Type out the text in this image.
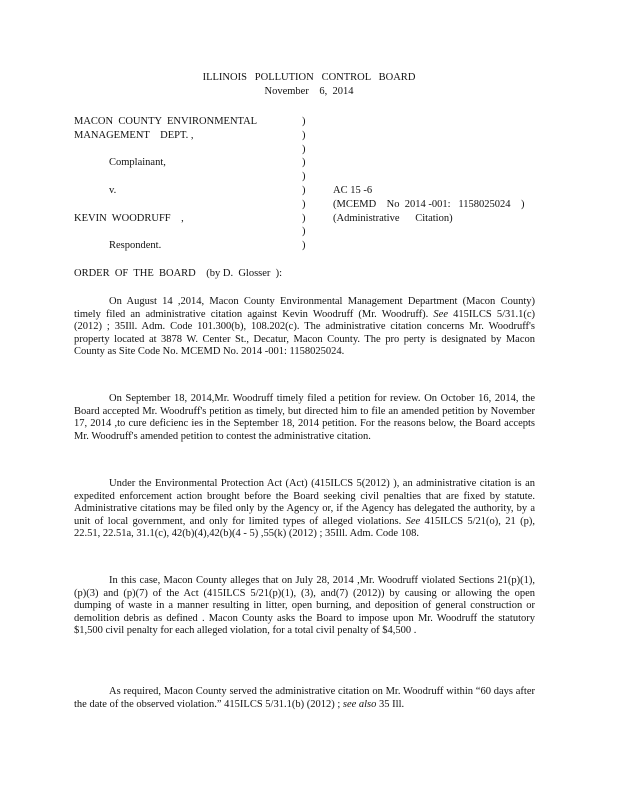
ILLINOIS   POLLUTION   CONTROL   BOARD
November    6,  2014
MACON  COUNTY  ENVIRONMENTAL
MANAGEMENT    DEPT. ,
Complainant,
v.
KEVIN  WOODRUFF    ,
Respondent.
)
)
)
)
)
)
)
)
)
)
AC 15 -6
(MCEMD    No  2014 -001:   1158025024    )
(Administrative      Citation)
ORDER  OF  THE  BOARD    (by D.  Glosser  ):

On August 14 ,2014, Macon County Environmental Management Department (Macon County) timely filed an administrative citation against Kevin Woodruff (Mr. Woodruff). See 415ILCS 5/31.1(c) (2012) ; 35Ill. Adm. Code 101.300(b), 108.202(c). The administrative citation concerns Mr. Woodruff's property located at 3878 W. Center St., Decatur, Macon County. The pro perty is designated by Macon County as Site Code No. MCEMD No. 2014 -001: 1158025024.

On September 18, 2014,Mr. Woodruff timely filed a petition for review. On October 16, 2014, the Board accepted Mr. Woodruff's petition as timely, but directed him to file an amended petition by November 17, 2014 ,to cure deficienc ies in the September 18, 2014 petition. For the reasons below, the Board accepts Mr. Woodruff's amended petition to contest the administrative citation.

Under the Environmental Protection Act (Act) (415ILCS 5(2012) ), an administrative citation is an expedited enforcement action brought before the Board seeking civil penalties that are fixed by statute. Administrative citations may be filed only by the Agency or, if the Agency has delegated the authority, by a unit of local government, and only for limited types of alleged violations. See 415ILCS 5/21(o), 21 (p), 22.51, 22.51a, 31.1(c), 42(b)(4),42(b)(4 - 5) ,55(k) (2012) ; 35Ill. Adm. Code 108.

In this case, Macon County alleges that on July 28, 2014 ,Mr. Woodruff violated Sections 21(p)(1),(p)(3) and (p)(7) of the Act (415ILCS 5/21(p)(1), (3), and(7) (2012)) by causing or allowing the open dumping of waste in a manner resulting in litter, open burning, and deposition of general construction or demolition debris as defined . Macon County asks the Board to impose upon Mr. Woodruff the statutory $1,500 civil penalty for each alleged violation, for a total civil penalty of $4,500 .

As required, Macon County served the administrative citation on Mr. Woodruff within “60 days after the date of the observed violation.” 415ILCS 5/31.1(b) (2012) ; see also 35 Ill.
